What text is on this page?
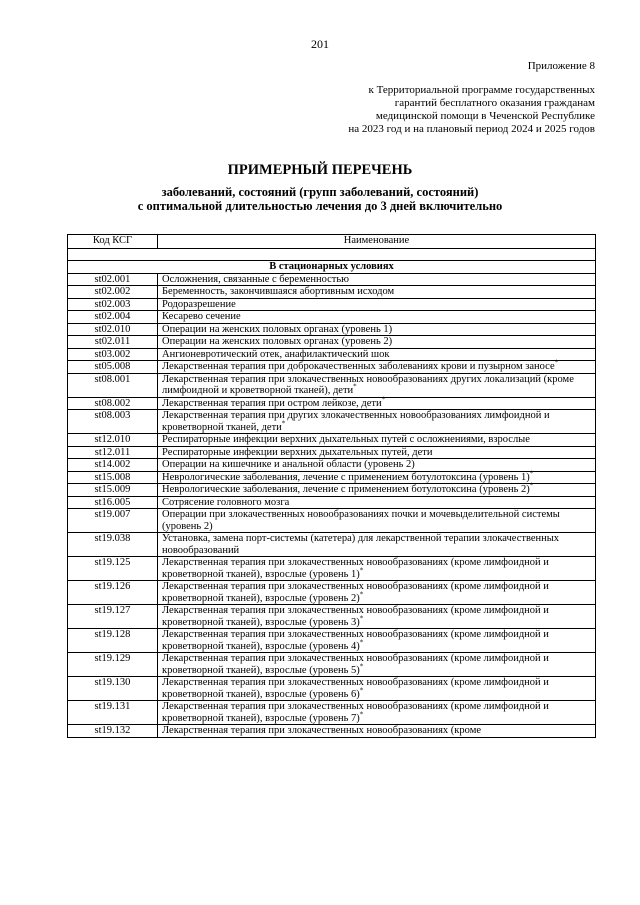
201
Приложение 8
к Территориальной программе государственных
гарантий бесплатного оказания гражданам
медицинской помощи в Чеченской Республике
на 2023 год и на плановый период 2024 и 2025 годов
ПРИМЕРНЫЙ ПЕРЕЧЕНЬ
заболеваний, состояний (групп заболеваний, состояний)
с оптимальной длительностью лечения до 3 дней включительно
Код КСГ	Наименование

В стационарных условиях	
st02.001	Осложнения, связанные с беременностью
st02.002	Беременность, закончившаяся абортивным исходом
st02.003	Родоразрешение
st02.004	Кесарево сечение
st02.010	Операции на женских половых органах (уровень 1)
st02.011	Операции на женских половых органах (уровень 2)
st03.002	Ангионевротический отек, анафилактический шок
st05.008	Лекарственная терапия при доброкачественных заболеваниях крови и пузырном заносе*
st08.001	Лекарственная терапия при злокачественных новообразованиях других локализаций (кроме лимфоидной и кроветворной тканей), дети*
st08.002	Лекарственная терапия при остром лейкозе, дети*
st08.003	Лекарственная терапия при других злокачественных новообразованиях лимфоидной и кроветворной тканей, дети*
st12.010	Респираторные инфекции верхних дыхательных путей с осложнениями, взрослые
st12.011	Респираторные инфекции верхних дыхательных путей, дети
st14.002	Операции на кишечнике и анальной области (уровень 2)
st15.008	Неврологические заболевания, лечение с применением ботулотоксина (уровень 1)*
st15.009	Неврологические заболевания, лечение с применением ботулотоксина (уровень 2)*
st16.005	Сотрясение головного мозга
st19.007	Операции при злокачественных новообразованиях почки и мочевыделительной системы (уровень 2)
st19.038	Установка, замена порт-системы (катетера) для лекарственной терапии злокачественных новообразований
st19.125	Лекарственная терапия при злокачественных новообразованиях (кроме лимфоидной и кроветворной тканей), взрослые (уровень 1)*
st19.126	Лекарственная терапия при злокачественных новообразованиях (кроме лимфоидной и кроветворной тканей), взрослые (уровень 2)*
st19.127	Лекарственная терапия при злокачественных новообразованиях (кроме лимфоидной и кроветворной тканей), взрослые (уровень 3)*
st19.128	Лекарственная терапия при злокачественных новообразованиях (кроме лимфоидной и кроветворной тканей), взрослые (уровень 4)*
st19.129	Лекарственная терапия при злокачественных новообразованиях (кроме лимфоидной и кроветворной тканей), взрослые (уровень 5)*
st19.130	Лекарственная терапия при злокачественных новообразованиях (кроме лимфоидной и кроветворной тканей), взрослые (уровень 6)*
st19.131	Лекарственная терапия при злокачественных новообразованиях (кроме лимфоидной и кроветворной тканей), взрослые (уровень 7)*
st19.132	Лекарственная терапия при злокачественных новообразованиях (кроме
